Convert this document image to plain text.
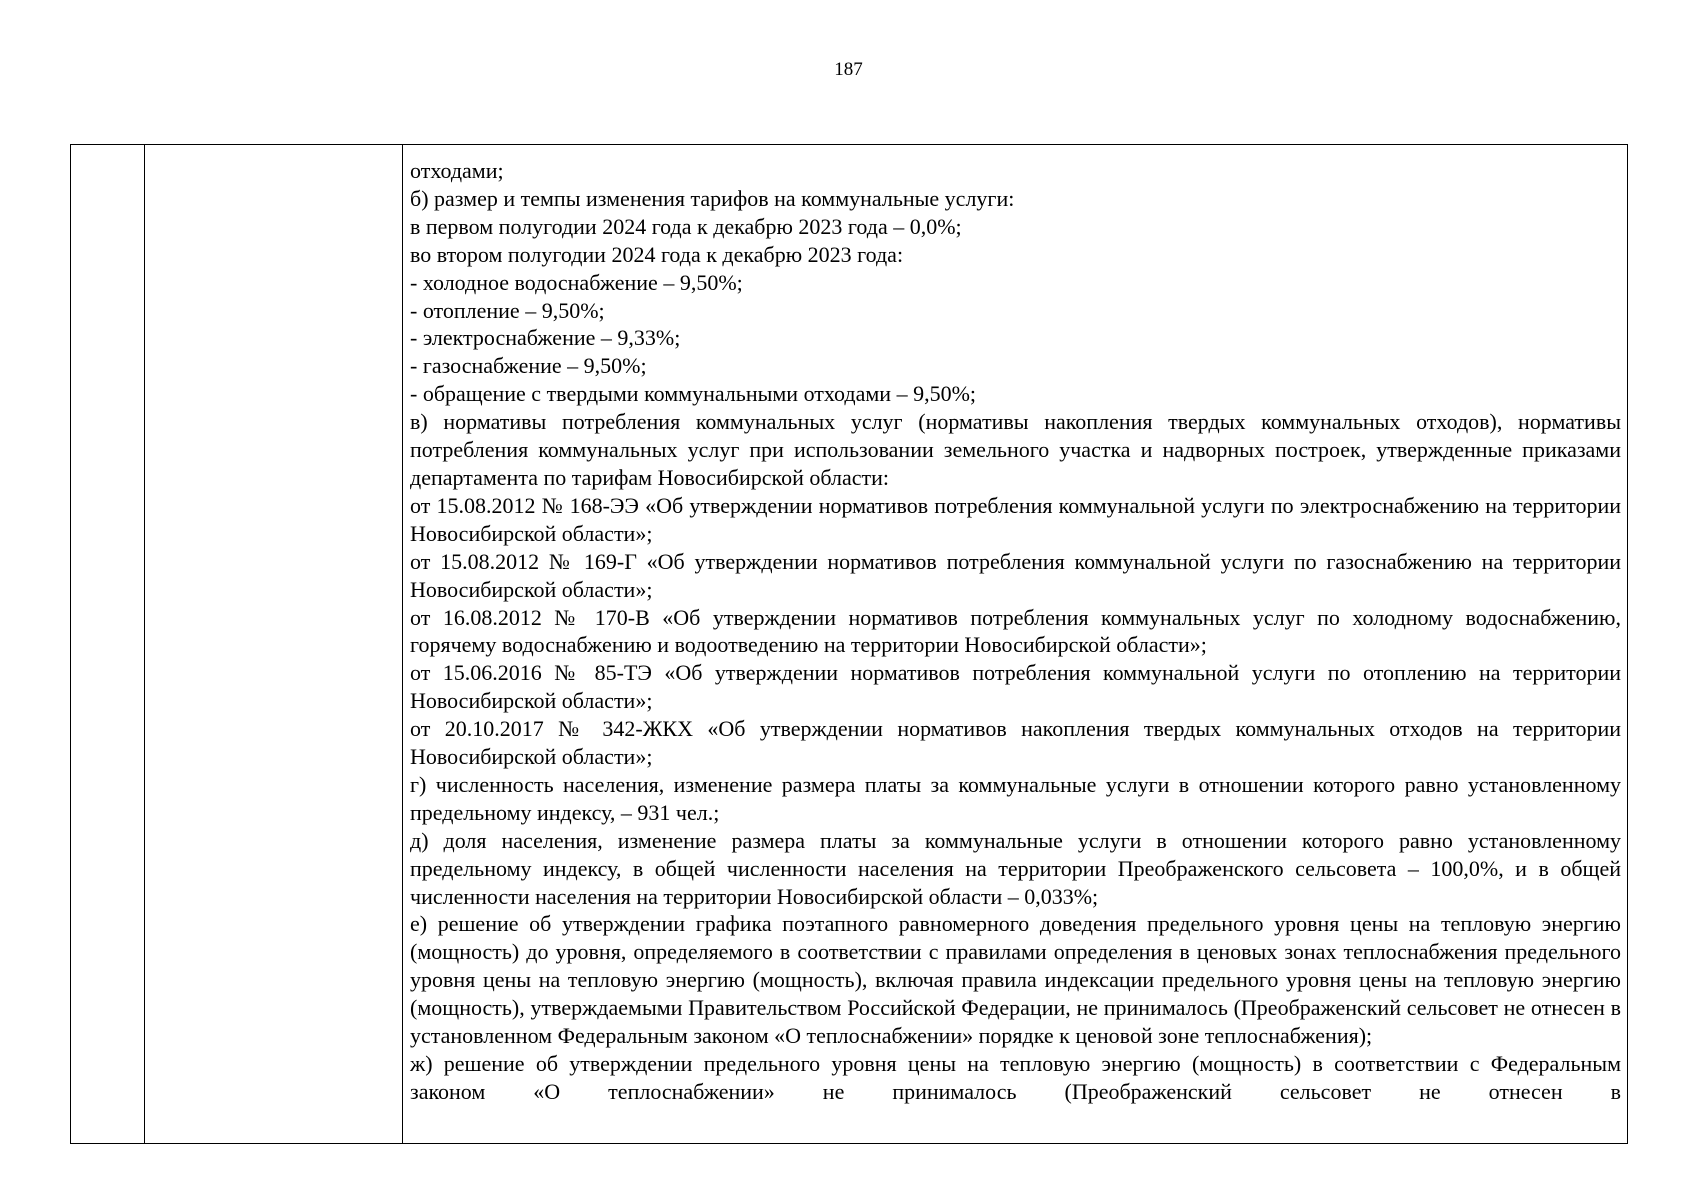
187

отходами;

б) размер и темпы изменения тарифов на коммунальные услуги:

в первом полугодии 2024 года к декабрю 2023 года – 0,0%;

во втором полугодии 2024 года к декабрю 2023 года:

- холодное водоснабжение – 9,50%;

- отопление – 9,50%;

- электроснабжение – 9,33%;

- газоснабжение – 9,50%;

- обращение с твердыми коммунальными отходами – 9,50%;

в) нормативы потребления коммунальных услуг (нормативы накопления твердых коммунальных отходов), нормативы потребления коммунальных услуг при использовании земельного участка и надворных построек, утвержденные приказами департамента по тарифам Новосибирской области:

от 15.08.2012 № 168-ЭЭ «Об утверждении нормативов потребления коммунальной услуги по электроснабжению на территории Новосибирской области»;

от 15.08.2012 № 169-Г «Об утверждении нормативов потребления коммунальной услуги по газоснабжению на территории Новосибирской области»;

от 16.08.2012 № 170-В «Об утверждении нормативов потребления коммунальных услуг по холодному водоснабжению, горячему водоснабжению и водоотведению на территории Новосибирской области»;

от 15.06.2016 № 85-ТЭ «Об утверждении нормативов потребления коммунальной услуги по отоплению на территории Новосибирской области»;

от 20.10.2017 № 342-ЖКХ «Об утверждении нормативов накопления твердых коммунальных отходов на территории Новосибирской области»;

г) численность населения, изменение размера платы за коммунальные услуги в отношении которого равно установленному предельному индексу, – 931 чел.;

д) доля населения, изменение размера платы за коммунальные услуги в отношении которого равно установленному предельному индексу, в общей численности населения на территории Преображенского сельсовета – 100,0%, и в общей численности населения на территории Новосибирской области – 0,033%;

е) решение об утверждении графика поэтапного равномерного доведения предельного уровня цены на тепловую энергию (мощность) до уровня, определяемого в соответствии с правилами определения в ценовых зонах теплоснабжения предельного уровня цены на тепловую энергию (мощность), включая правила индексации предельного уровня цены на тепловую энергию (мощность), утверждаемыми Правительством Российской Федерации, не принималось (Преображенский сельсовет не отнесен в установленном Федеральным законом «О теплоснабжении» порядке к ценовой зоне теплоснабжения);

ж) решение об утверждении предельного уровня цены на тепловую энергию (мощность) в соответствии с Федеральным законом «О теплоснабжении» не принималось (Преображенский сельсовет не отнесен в
